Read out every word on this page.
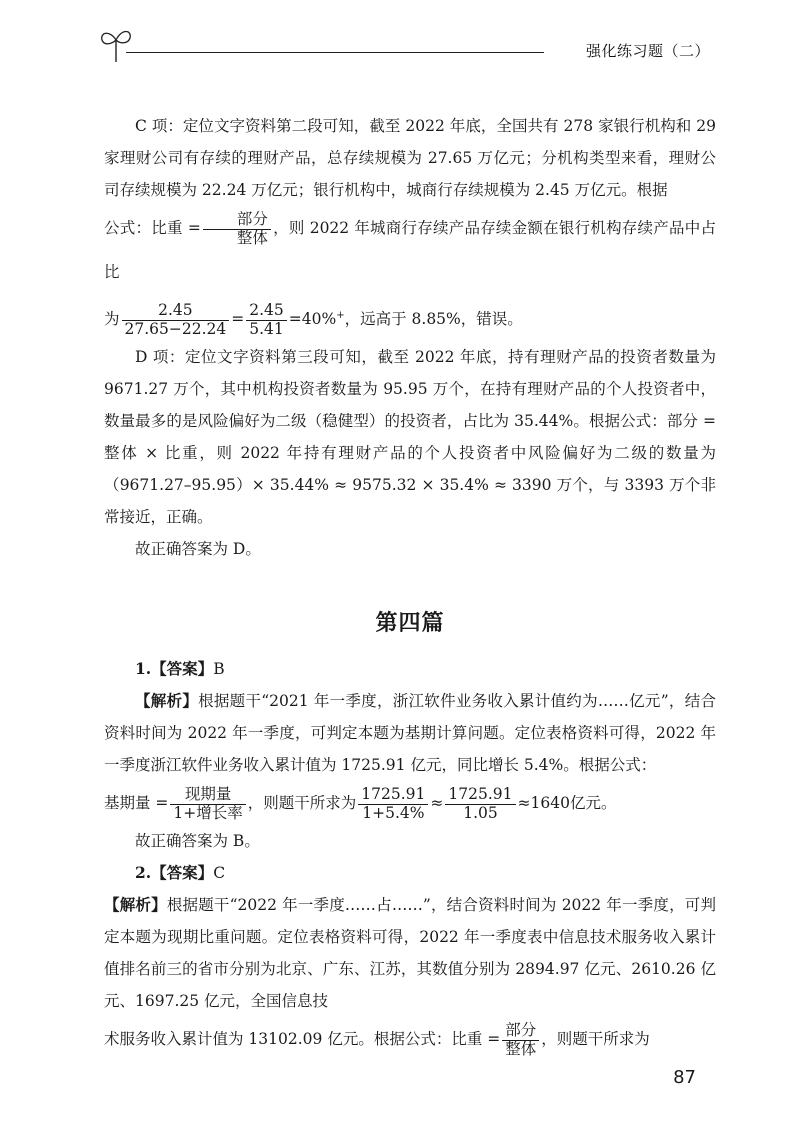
强化练习题（二）

C 项：定位文字资料第二段可知，截至 2022 年底，全国共有 278 家银行机构和 29 家理财公司有存续的理财产品，总存续规模为 27.65 万亿元；分机构类型来看，理财公司存续规模为 22.24 万亿元；银行机构中，城商行存续规模为 2.45 万亿元。根据
公式：比重 = $\frac{\text{部分}}{\text{整体}}$ ，则 2022 年城商行存续产品存续金额在银行机构存续产品中占比

为 $\frac{2.45}{27.65-22.24} = \frac{2.45}{5.41} =40\%^+$，远高于 8.85%，错误。

D 项：定位文字资料第三段可知，截至 2022 年底，持有理财产品的投资者数量为 9671.27 万个，其中机构投资者数量为 95.95 万个，在持有理财产品的个人投资者中，数量最多的是风险偏好为二级（稳健型）的投资者，占比为 35.44%。根据公式：部分 = 整体 × 比重，则 2022 年持有理财产品的个人投资者中风险偏好为二级的数量为（9671.27–95.95）× 35.44% ≈ 9575.32 × 35.4% ≈ 3390 万个，与 3393 万个非常接近，正确。

故正确答案为 D。

第四篇

1.【答案】B

【解析】根据题干“2021 年一季度，浙江软件业务收入累计值约为……亿元”，结合资料时间为 2022 年一季度，可判定本题为基期计算问题。定位表格资料可得，2022 年一季度浙江软件业务收入累计值为 1725.91 亿元，同比增长 5.4%。根据公式：

基期量 = $\frac{\text{现期量}}{\text{1+增长率}}$ ，则题干所求为 $\frac{1725.91}{1+5.4\%} \approx \frac{1725.91}{1.05} \approx 1640$亿元。

故正确答案为 B。

2.【答案】C

【解析】根据题干“2022 年一季度……占……”，结合资料时间为 2022 年一季度，可判定本题为现期比重问题。定位表格资料可得，2022 年一季度表中信息技术服务收入累计值排名前三的省市分别为北京、广东、江苏，其数值分别为 2894.97 亿元、2610.26 亿元、1697.25 亿元，全国信息技

术服务收入累计值为 13102.09 亿元。根据公式：比重 = $\frac{\text{部分}}{\text{整体}}$ ，则题干所求为

87
